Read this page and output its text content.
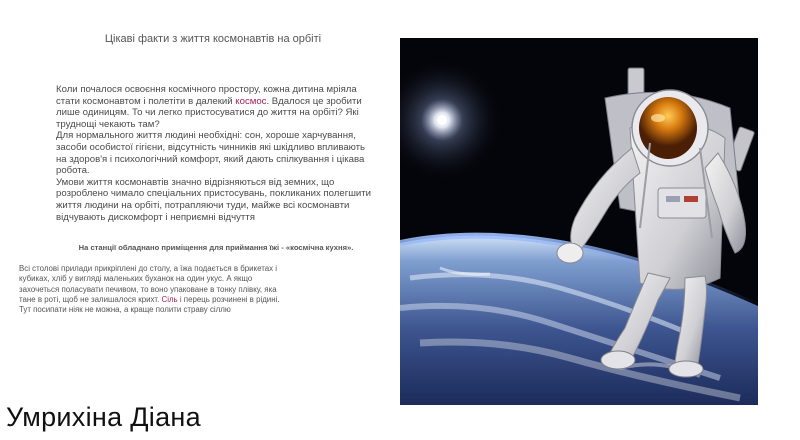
Цікаві факти з життя космонавтів на орбіті

Коли почалося освоєння космічного простору, кожна дитина мріяла стати космонавтом і полетіти в далекий космос. Вдалося це зробити лише одиницям. То чи легко пристосуватися до життя на орбіті? Які труднощі чекають там?

Для нормального життя людині необхідні: сон, хороше харчування, засоби особистої гігієни, відсутність чинників які шкідливо впливають на здоров'я і психологічний комфорт, який дають спілкування і цікава робота.

Умови життя космонавтів значно відрізняються від земних, що розроблено чимало спеціальних пристосувань, покликаних полегшити життя людини на орбіті, потрапляючи туди, майже всі космонавти відчувають дискомфорт і неприємні відчуття

На станції обладнано приміщення для приймання їжі - «космічна кухня».

Всі столові прилади прикріплені до столу, а їжа подається в брикетах і кубиках, хліб у вигляді маленьких буханок на один укус. А якщо захочеться поласувати печивом, то воно упаковане в тонку плівку, яка тане в роті, щоб не залишалося крихт. Сіль і перець розчинені в рідині. Тут посипати ніяк не можна, а краще полити страву сіллю

Умрихіна Діана
